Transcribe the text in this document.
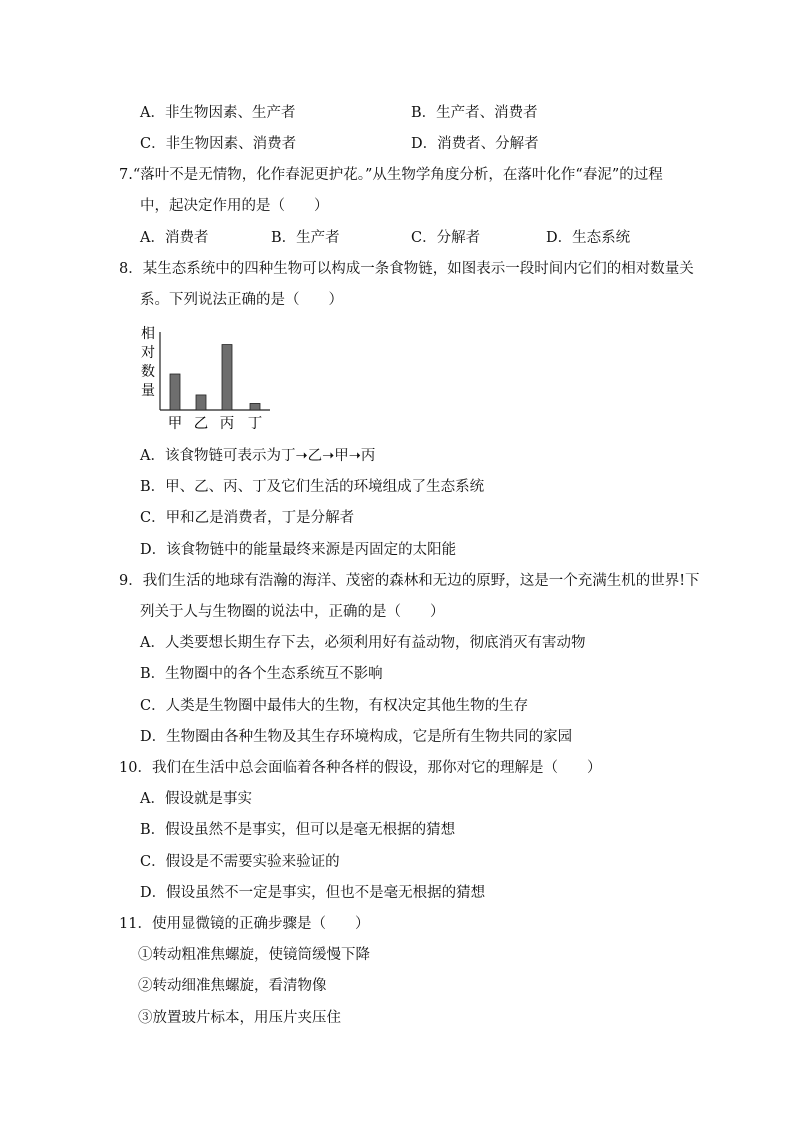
A．非生物因素、生产者	B．生产者、消费者
C．非生物因素、消费者	D．消费者、分解者
7.“落叶不是无情物，化作春泥更护花。”从生物学角度分析，在落叶化作“春泥”的过程
中，起决定作用的是（　　）
A．消费者	B．生产者	C．分解者	D．生态系统
8．某生态系统中的四种生物可以构成一条食物链，如图表示一段时间内它们的相对数量关
系。下列说法正确的是（　　）
相
对
数
量
甲 乙 丙 丁
A．该食物链可表示为丁➝乙➝甲➝丙
B．甲、乙、丙、丁及它们生活的环境组成了生态系统
C．甲和乙是消费者，丁是分解者
D．该食物链中的能量最终来源是丙固定的太阳能
9．我们生活的地球有浩瀚的海洋、茂密的森林和无边的原野，这是一个充满生机的世界!下
列关于人与生物圈的说法中，正确的是（　　）
A．人类要想长期生存下去，必须利用好有益动物，彻底消灭有害动物
B．生物圈中的各个生态系统互不影响
C．人类是生物圈中最伟大的生物，有权决定其他生物的生存
D．生物圈由各种生物及其生存环境构成，它是所有生物共同的家园
10．我们在生活中总会面临着各种各样的假设，那你对它的理解是（　　）
A．假设就是事实
B．假设虽然不是事实，但可以是毫无根据的猜想
C．假设是不需要实验来验证的
D．假设虽然不一定是事实，但也不是毫无根据的猜想
11．使用显微镜的正确步骤是（　　）
①转动粗准焦螺旋，使镜筒缓慢下降
②转动细准焦螺旋，看清物像
③放置玻片标本，用压片夹压住
